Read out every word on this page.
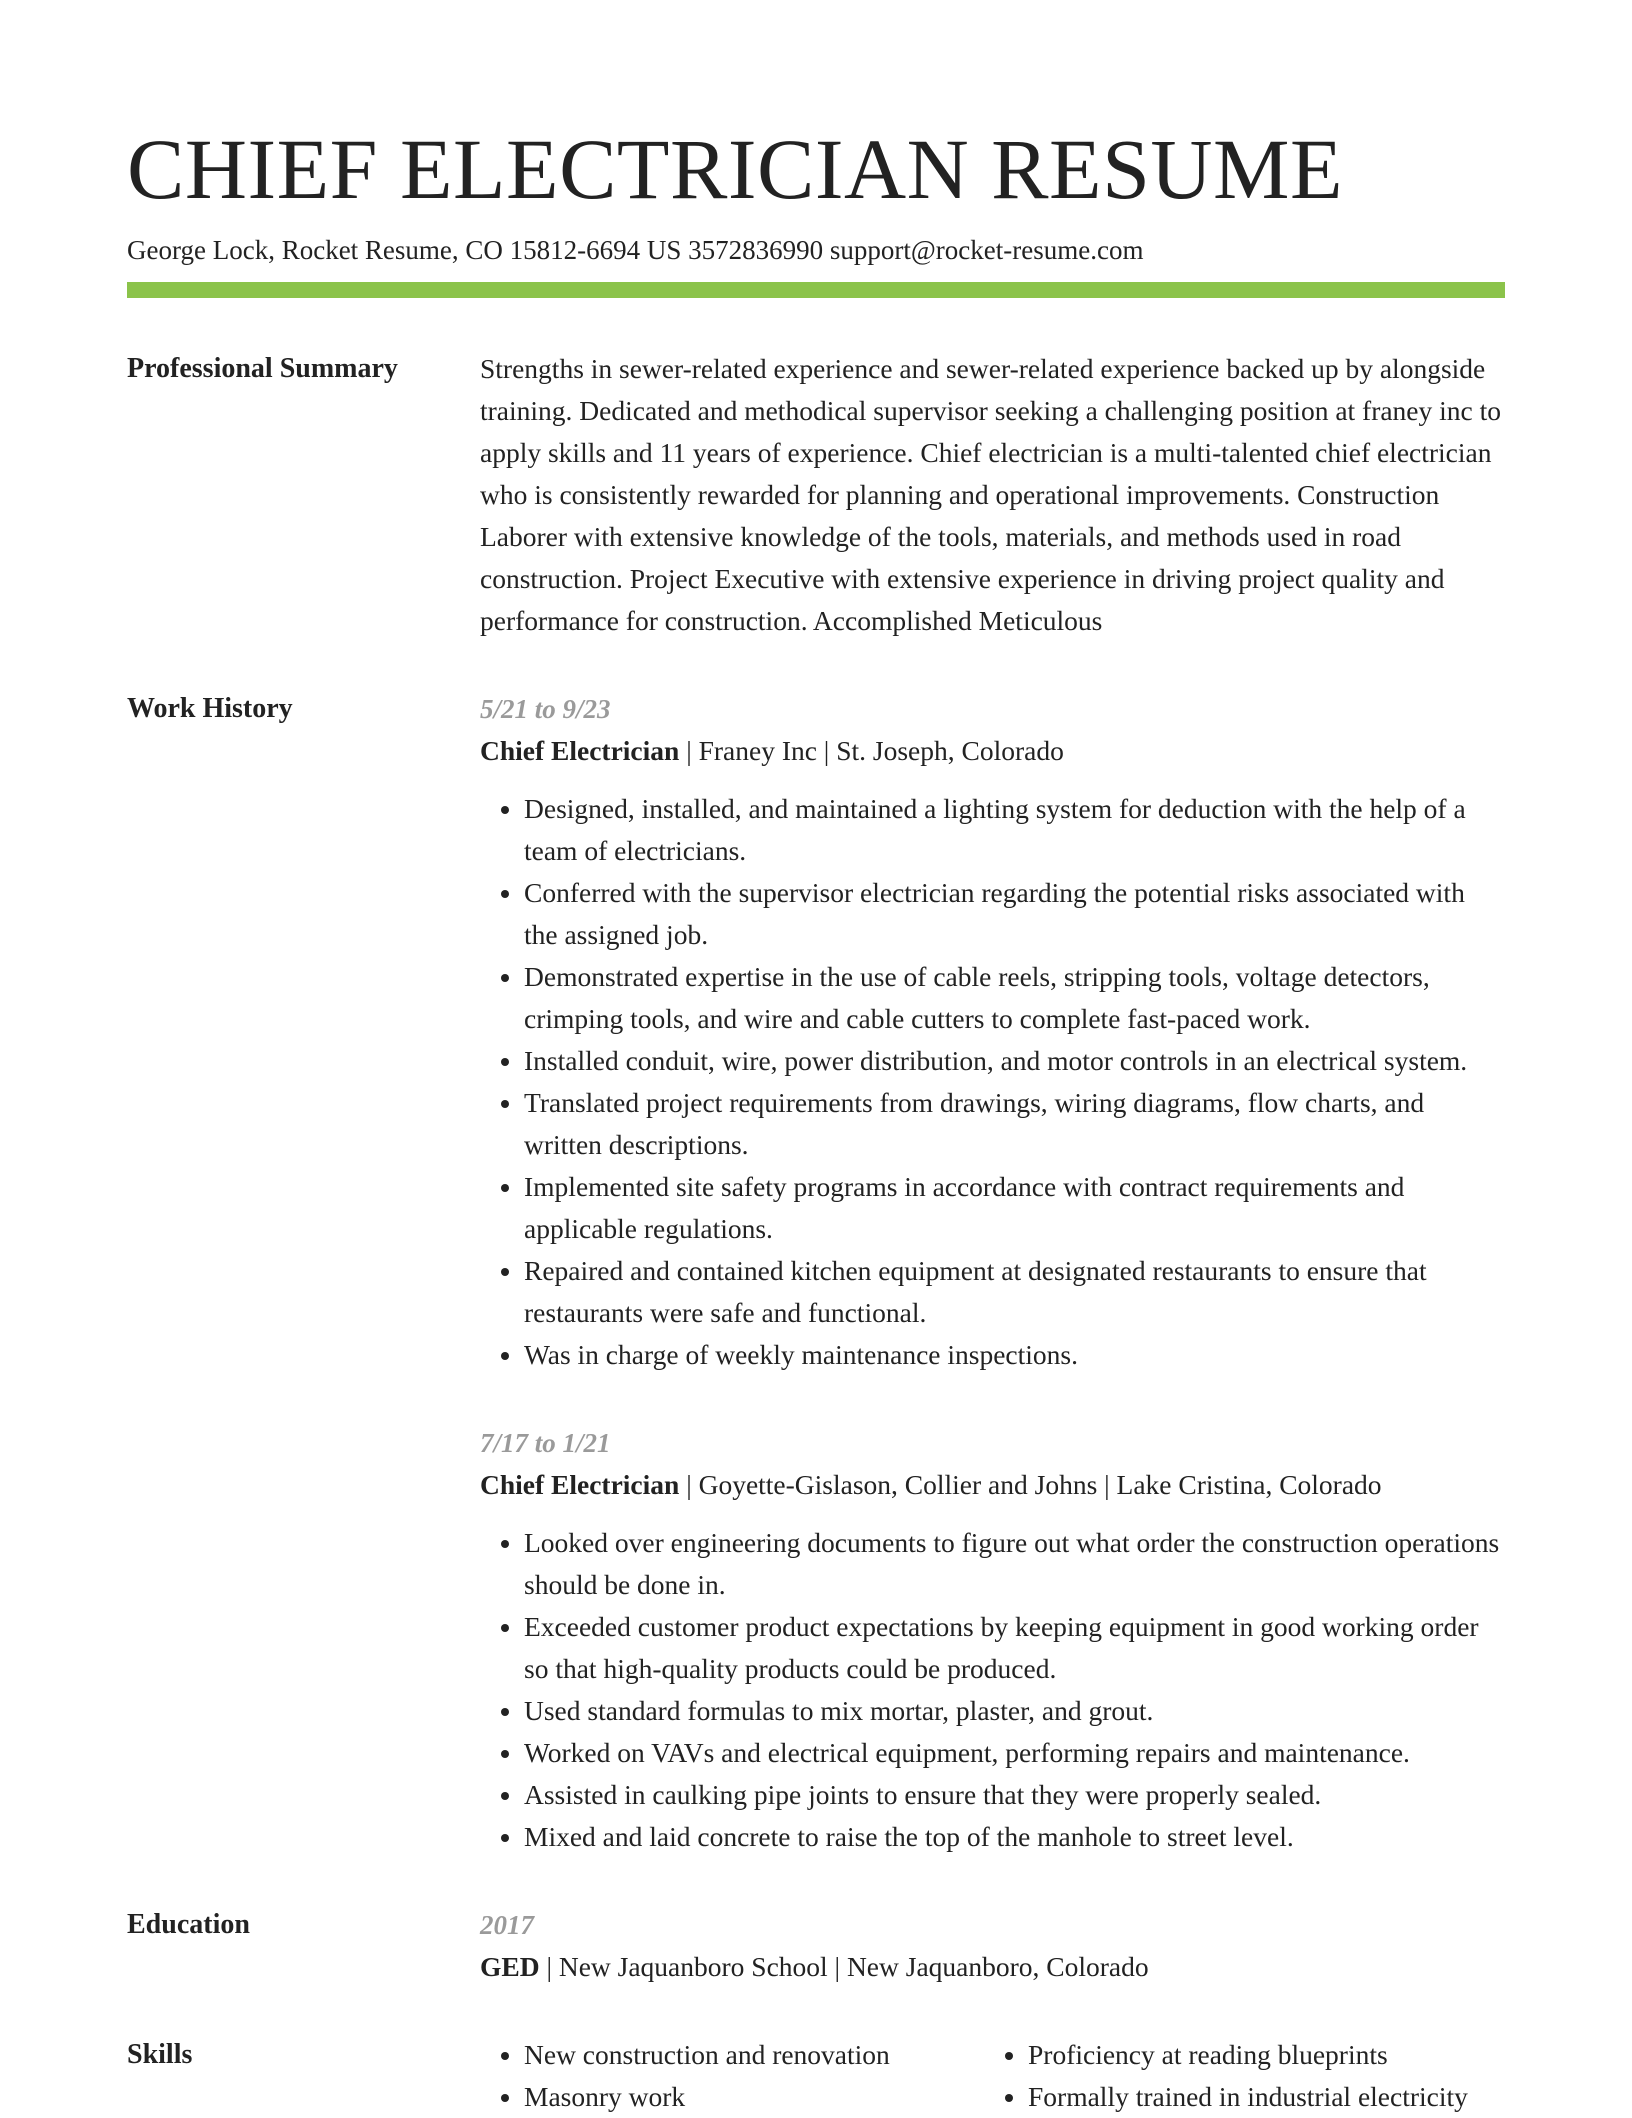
CHIEF ELECTRICIAN RESUME
George Lock, Rocket Resume, CO 15812-6694 US 3572836990 support@rocket-resume.com
Professional Summary	Strengths in sewer-related experience and sewer-related experience backed up by alongside training. Dedicated and methodical supervisor seeking a challenging position at franey inc to apply skills and 11 years of experience. Chief electrician is a multi-talented chief electrician who is consistently rewarded for planning and operational improvements. Construction Laborer with extensive knowledge of the tools, materials, and methods used in road construction. Project Executive with extensive experience in driving project quality and performance for construction. Accomplished Meticulous

Work History	5/21 to 9/23
Chief Electrician | Franey Inc | St. Joseph, Colorado
• Designed, installed, and maintained a lighting system for deduction with the help of a team of electricians.
• Conferred with the supervisor electrician regarding the potential risks associated with the assigned job.
• Demonstrated expertise in the use of cable reels, stripping tools, voltage detectors, crimping tools, and wire and cable cutters to complete fast-paced work.
• Installed conduit, wire, power distribution, and motor controls in an electrical system.
• Translated project requirements from drawings, wiring diagrams, flow charts, and written descriptions.
• Implemented site safety programs in accordance with contract requirements and applicable regulations.
• Repaired and contained kitchen equipment at designated restaurants to ensure that restaurants were safe and functional.
• Was in charge of weekly maintenance inspections.
7/17 to 1/21
Chief Electrician | Goyette-Gislason, Collier and Johns | Lake Cristina, Colorado
• Looked over engineering documents to figure out what order the construction operations should be done in.
• Exceeded customer product expectations by keeping equipment in good working order so that high-quality products could be produced.
• Used standard formulas to mix mortar, plaster, and grout.
• Worked on VAVs and electrical equipment, performing repairs and maintenance.
• Assisted in caulking pipe joints to ensure that they were properly sealed.
• Mixed and laid concrete to raise the top of the manhole to street level.
Education	2017
GED | New Jaquanboro School | New Jaquanboro, Colorado
Skills
•	New construction and renovation
• Masonry work
• Proficiency at reading blueprints
• Formally trained in industrial electricity
